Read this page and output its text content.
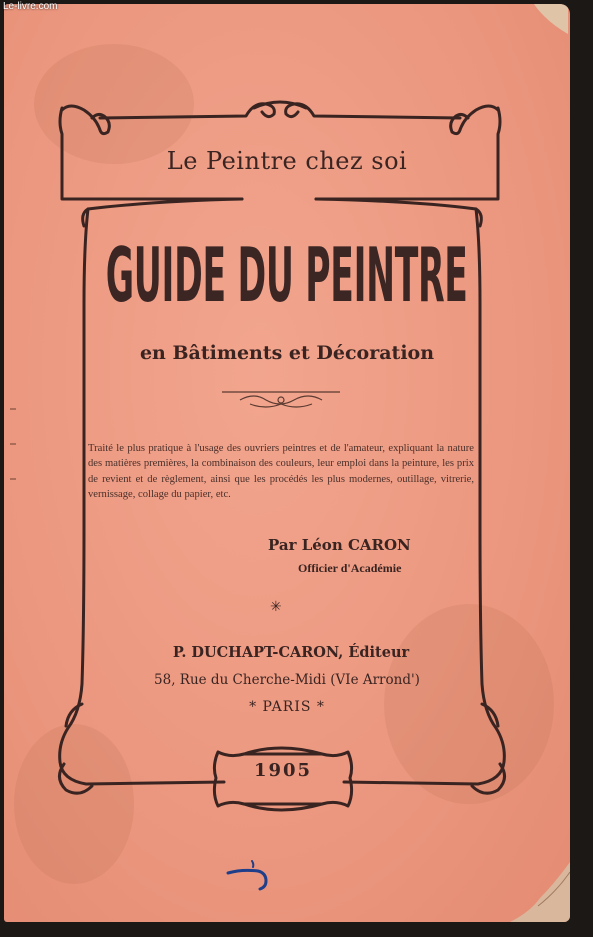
Le-livre.com
Le Peintre chez soi
GUIDE DU PEINTRE
en Bâtiments et Décoration
Traité le plus pratique à l'usage des ouvriers peintres et de l'amateur, expliquant la nature des matières premières, la combinaison des couleurs, leur emploi dans la peinture, les prix de revient et de règlement, ainsi que les procédés les plus modernes, outillage, vitrerie, vernissage, collage du papier, etc.
Par Léon CARON
Officier d'Académie
✳
P. DUCHAPT-CARON, Éditeur
58, Rue du Cherche-Midi (VIe Arrond')
* PARIS *
1905
